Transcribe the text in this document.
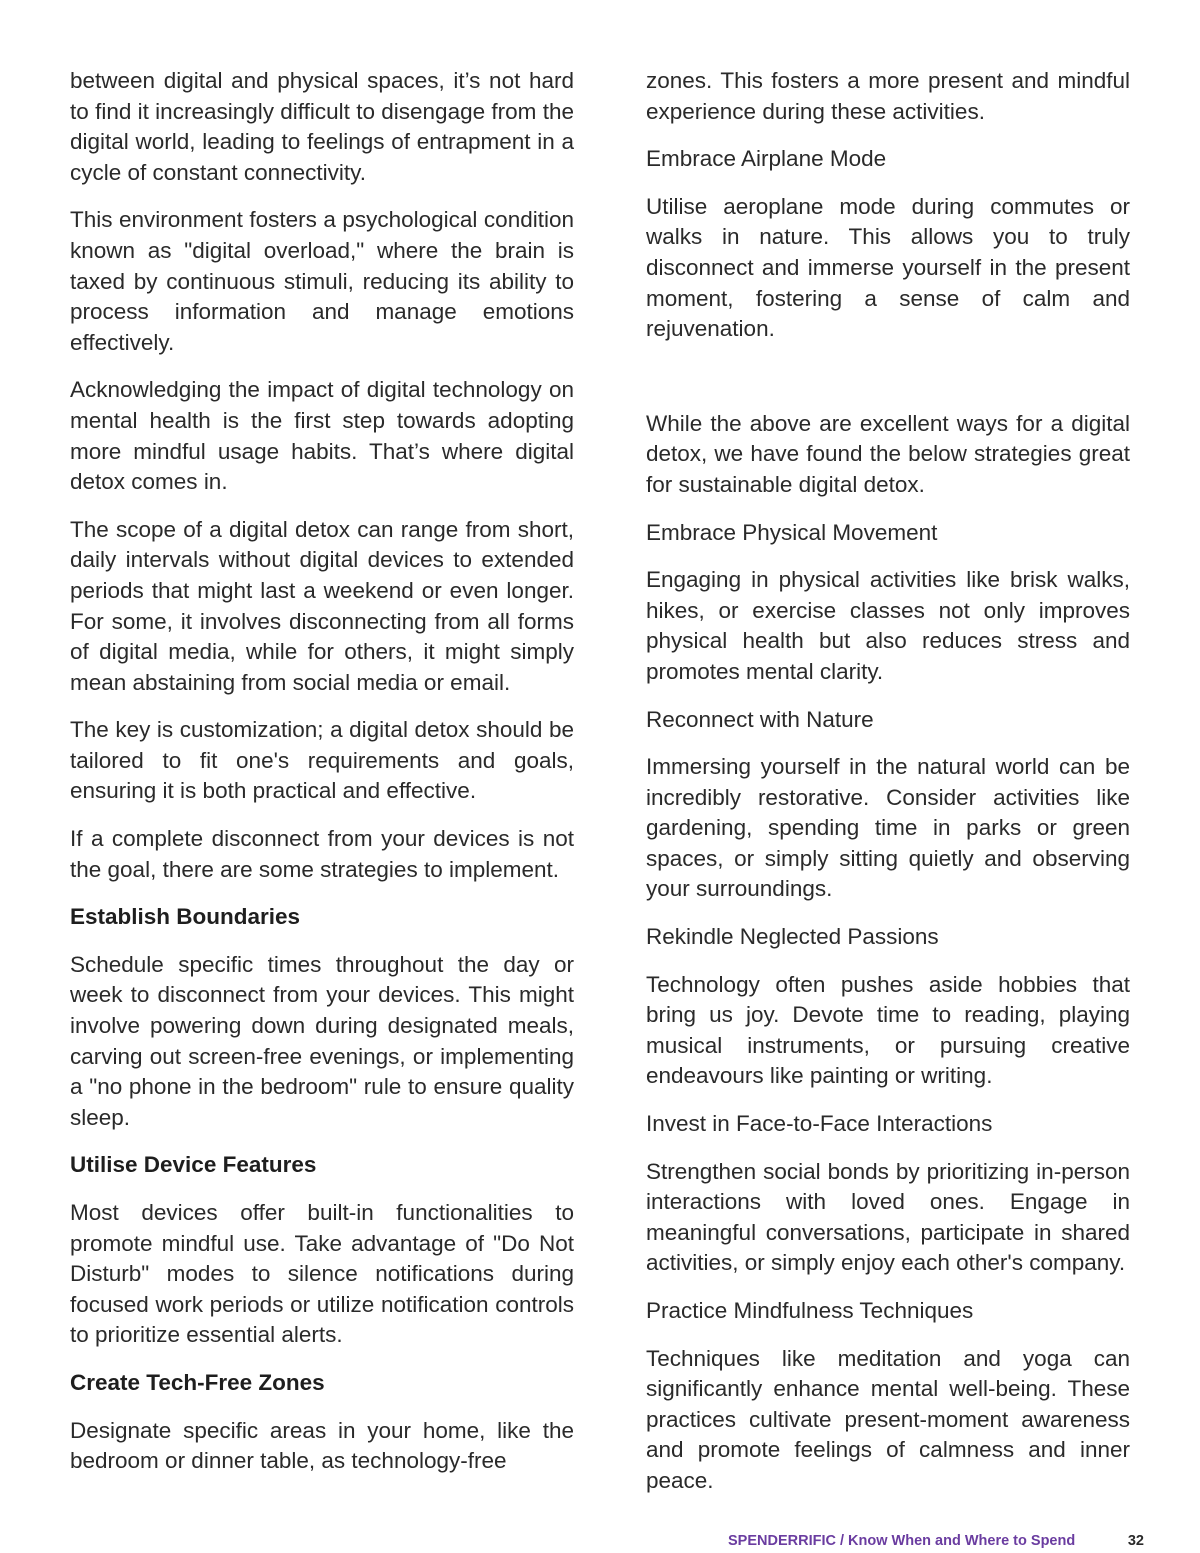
between digital and physical spaces, it’s not hard to find it increasingly difficult to disengage from the digital world, leading to feelings of entrapment in a cycle of constant connectivity.

This environment fosters a psychological condition known as "digital overload," where the brain is taxed by continuous stimuli, reducing its ability to process information and manage emotions effectively.

Acknowledging the impact of digital technology on mental health is the first step towards adopting more mindful usage habits. That’s where digital detox comes in.

The scope of a digital detox can range from short, daily intervals without digital devices to extended periods that might last a weekend or even longer. For some, it involves disconnecting from all forms of digital media, while for others, it might simply mean abstaining from social media or email.

The key is customization; a digital detox should be tailored to fit one's requirements and goals, ensuring it is both practical and effective.

If a complete disconnect from your devices is not the goal, there are some strategies to implement.

Establish Boundaries

Schedule specific times throughout the day or week to disconnect from your devices. This might involve powering down during designated meals, carving out screen-free evenings, or implementing a "no phone in the bedroom" rule to ensure quality sleep.

Utilise Device Features

Most devices offer built-in functionalities to promote mindful use. Take advantage of "Do Not Disturb" modes to silence notifications during focused work periods or utilize notification controls to prioritize essential alerts.

Create Tech-Free Zones

Designate specific areas in your home, like the bedroom or dinner table, as technology-free

zones. This fosters a more present and mindful experience during these activities.

Embrace Airplane Mode

Utilise aeroplane mode during commutes or walks in nature. This allows you to truly disconnect and immerse yourself in the present moment, fostering a sense of calm and rejuvenation.

While the above are excellent ways for a digital detox, we have found the below strategies great for sustainable digital detox.

Embrace Physical Movement

Engaging in physical activities like brisk walks, hikes, or exercise classes not only improves physical health but also reduces stress and promotes mental clarity.

Reconnect with Nature

Immersing yourself in the natural world can be incredibly restorative. Consider activities like gardening, spending time in parks or green spaces, or simply sitting quietly and observing your surroundings.

Rekindle Neglected Passions

Technology often pushes aside hobbies that bring us joy. Devote time to reading, playing musical instruments, or pursuing creative endeavours like painting or writing.

Invest in Face-to-Face Interactions

Strengthen social bonds by prioritizing in-person interactions with loved ones. Engage in meaningful conversations, participate in shared activities, or simply enjoy each other's company.

Practice Mindfulness Techniques

Techniques like meditation and yoga can significantly enhance mental well-being. These practices cultivate present-moment awareness and promote feelings of calmness and inner peace.

SPENDERRIFIC / Know When and Where to Spend	32
